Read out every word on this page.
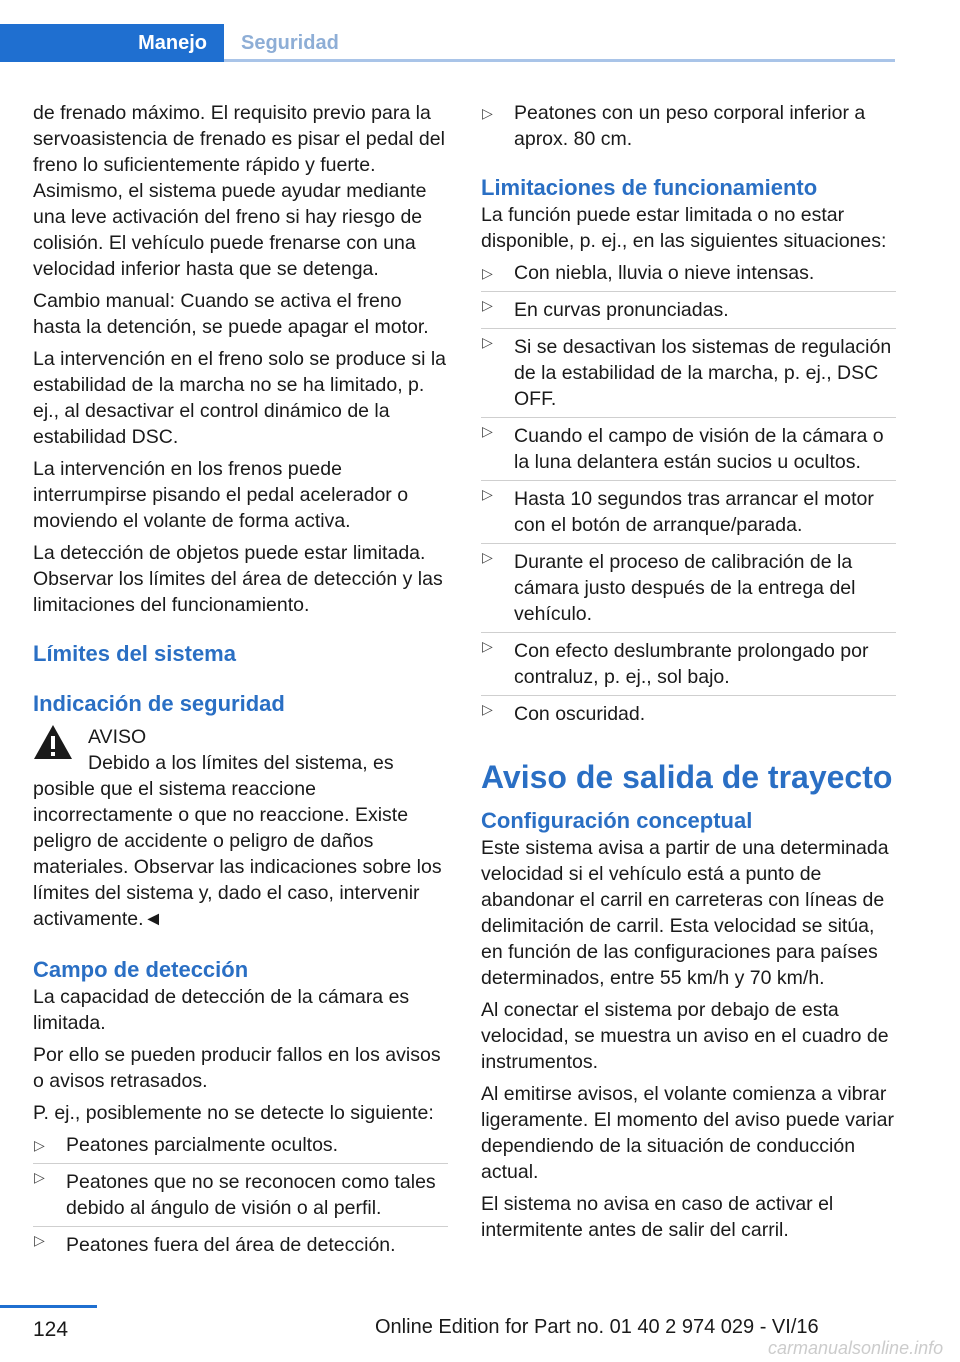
Manejo Seguridad

de frenado máximo. El requisito previo para la servoasistencia de frenado es pisar el pedal del freno lo suficientemente rápido y fuerte. Asimismo, el sistema puede ayudar mediante una leve activación del freno si hay riesgo de colisión. El vehículo puede frenarse con una velocidad inferior hasta que se detenga.

Cambio manual: Cuando se activa el freno hasta la detención, se puede apagar el motor.

La intervención en el freno solo se produce si la estabilidad de la marcha no se ha limitado, p. ej., al desactivar el control dinámico de la estabilidad DSC.

La intervención en los frenos puede interrumpirse pisando el pedal acelerador o moviendo el volante de forma activa.

La detección de objetos puede estar limitada. Observar los límites del área de detección y las limitaciones del funcionamiento.

Límites del sistema
Indicación de seguridad
AVISO
Debido a los límites del sistema, es posible que el sistema reaccione incorrectamente o que no reaccione. Existe peligro de accidente o peligro de daños materiales. Observar las indicaciones sobre los límites del sistema y, dado el caso, intervenir activamente.◄
Campo de detección

La capacidad de detección de la cámara es limitada.

Por ello se pueden producir fallos en los avisos o avisos retrasados.

P. ej., posiblemente no se detecte lo siguiente:

▷ Peatones parcialmente ocultos.
▷ Peatones que no se reconocen como tales debido al ángulo de visión o al perfil.
▷ Peatones fuera del área de detección.
▷ Peatones con un peso corporal inferior a aprox. 80 cm.
Limitaciones de funcionamiento

La función puede estar limitada o no estar disponible, p. ej., en las siguientes situaciones:

▷ Con niebla, lluvia o nieve intensas.
▷ En curvas pronunciadas.
▷ Si se desactivan los sistemas de regulación de la estabilidad de la marcha, p. ej., DSC OFF.
▷ Cuando el campo de visión de la cámara o la luna delantera están sucios u ocultos.
▷ Hasta 10 segundos tras arrancar el motor con el botón de arranque/parada.
▷ Durante el proceso de calibración de la cámara justo después de la entrega del vehículo.
▷ Con efecto deslumbrante prolongado por contraluz, p. ej., sol bajo.
▷ Con oscuridad.
Aviso de salida de trayecto
Configuración conceptual

Este sistema avisa a partir de una determinada velocidad si el vehículo está a punto de abandonar el carril en carreteras con líneas de delimitación de carril. Esta velocidad se sitúa, en función de las configuraciones para países determinados, entre 55 km/h y 70 km/h.

Al conectar el sistema por debajo de esta velocidad, se muestra un aviso en el cuadro de instrumentos.

Al emitirse avisos, el volante comienza a vibrar ligeramente. El momento del aviso puede variar dependiendo de la situación de conducción actual.

El sistema no avisa en caso de activar el intermitente antes de salir del carril.

124	Online Edition for Part no. 01 40 2 974 029 - VI/16
carmanualsonline.info
